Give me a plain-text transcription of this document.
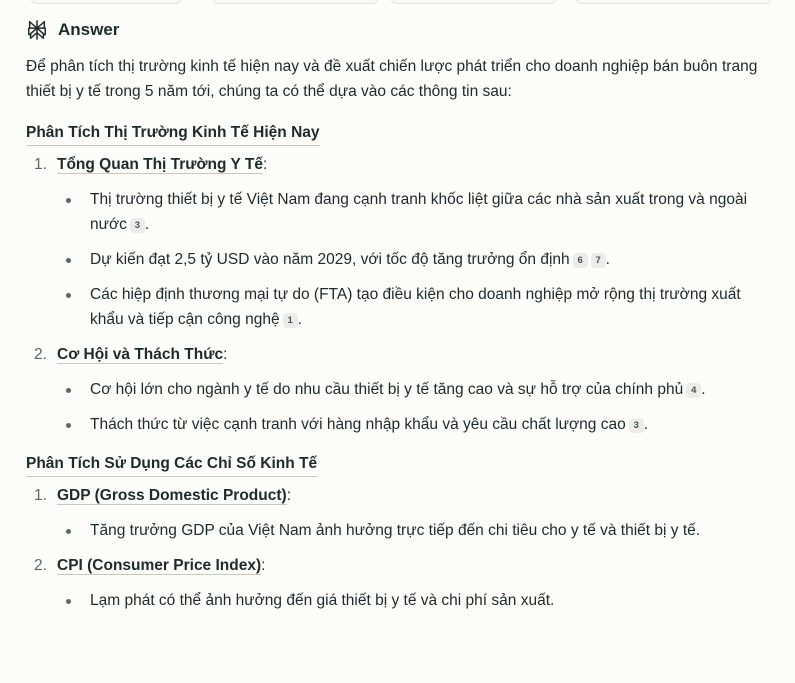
Answer

Để phân tích thị trường kinh tế hiện nay và đề xuất chiến lược phát triển cho doanh nghiệp bán buôn trang thiết bị y tế trong 5 năm tới, chúng ta có thể dựa vào các thông tin sau:

Phân Tích Thị Trường Kinh Tế Hiện Nay
1. Tổng Quan Thị Trường Y Tế:
Thị trường thiết bị y tế Việt Nam đang cạnh tranh khốc liệt giữa các nhà sản xuất trong và ngoài nước 3 .
Dự kiến đạt 2,5 tỷ USD vào năm 2029, với tốc độ tăng trưởng ổn định 6 7 .
Các hiệp định thương mại tự do (FTA) tạo điều kiện cho doanh nghiệp mở rộng thị trường xuất khẩu và tiếp cận công nghệ 1 .
2. Cơ Hội và Thách Thức:
Cơ hội lớn cho ngành y tế do nhu cầu thiết bị y tế tăng cao và sự hỗ trợ của chính phủ 4 .
Thách thức từ việc cạnh tranh với hàng nhập khẩu và yêu cầu chất lượng cao 3 .
Phân Tích Sử Dụng Các Chỉ Số Kinh Tế
1. GDP (Gross Domestic Product):
Tăng trưởng GDP của Việt Nam ảnh hưởng trực tiếp đến chi tiêu cho y tế và thiết bị y tế.
2. CPI (Consumer Price Index):
Lạm phát có thể ảnh hưởng đến giá thiết bị y tế và chi phí sản xuất.
